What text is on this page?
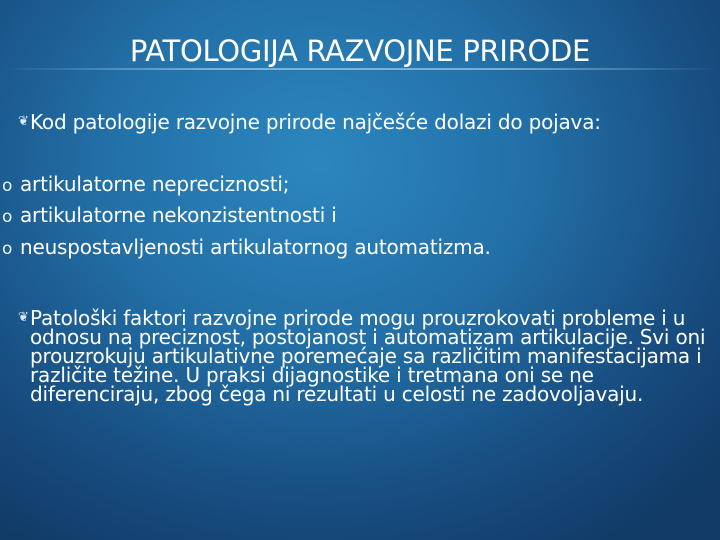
PATOLOGIJA RAZVOJNE PRIRODE
❦ Kod patologije razvojne prirode najčešće dolazi do pojava:
o artikulatorne nepreciznosti;
o artikulatorne nekonzistentnosti i
o neuspostavljenosti artikulatornog automatizma.
❦ Patološki faktori razvojne prirode mogu prouzrokovati probleme i u odnosu na preciznost, postojanost i automatizam artikulacije. Svi oni prouzrokuju artikulativne poremećaje sa različitim manifestacijama i različite težine. U praksi dijagnostike i tretmana oni se ne diferenciraju, zbog čega ni rezultati u celosti ne zadovoljavaju.
